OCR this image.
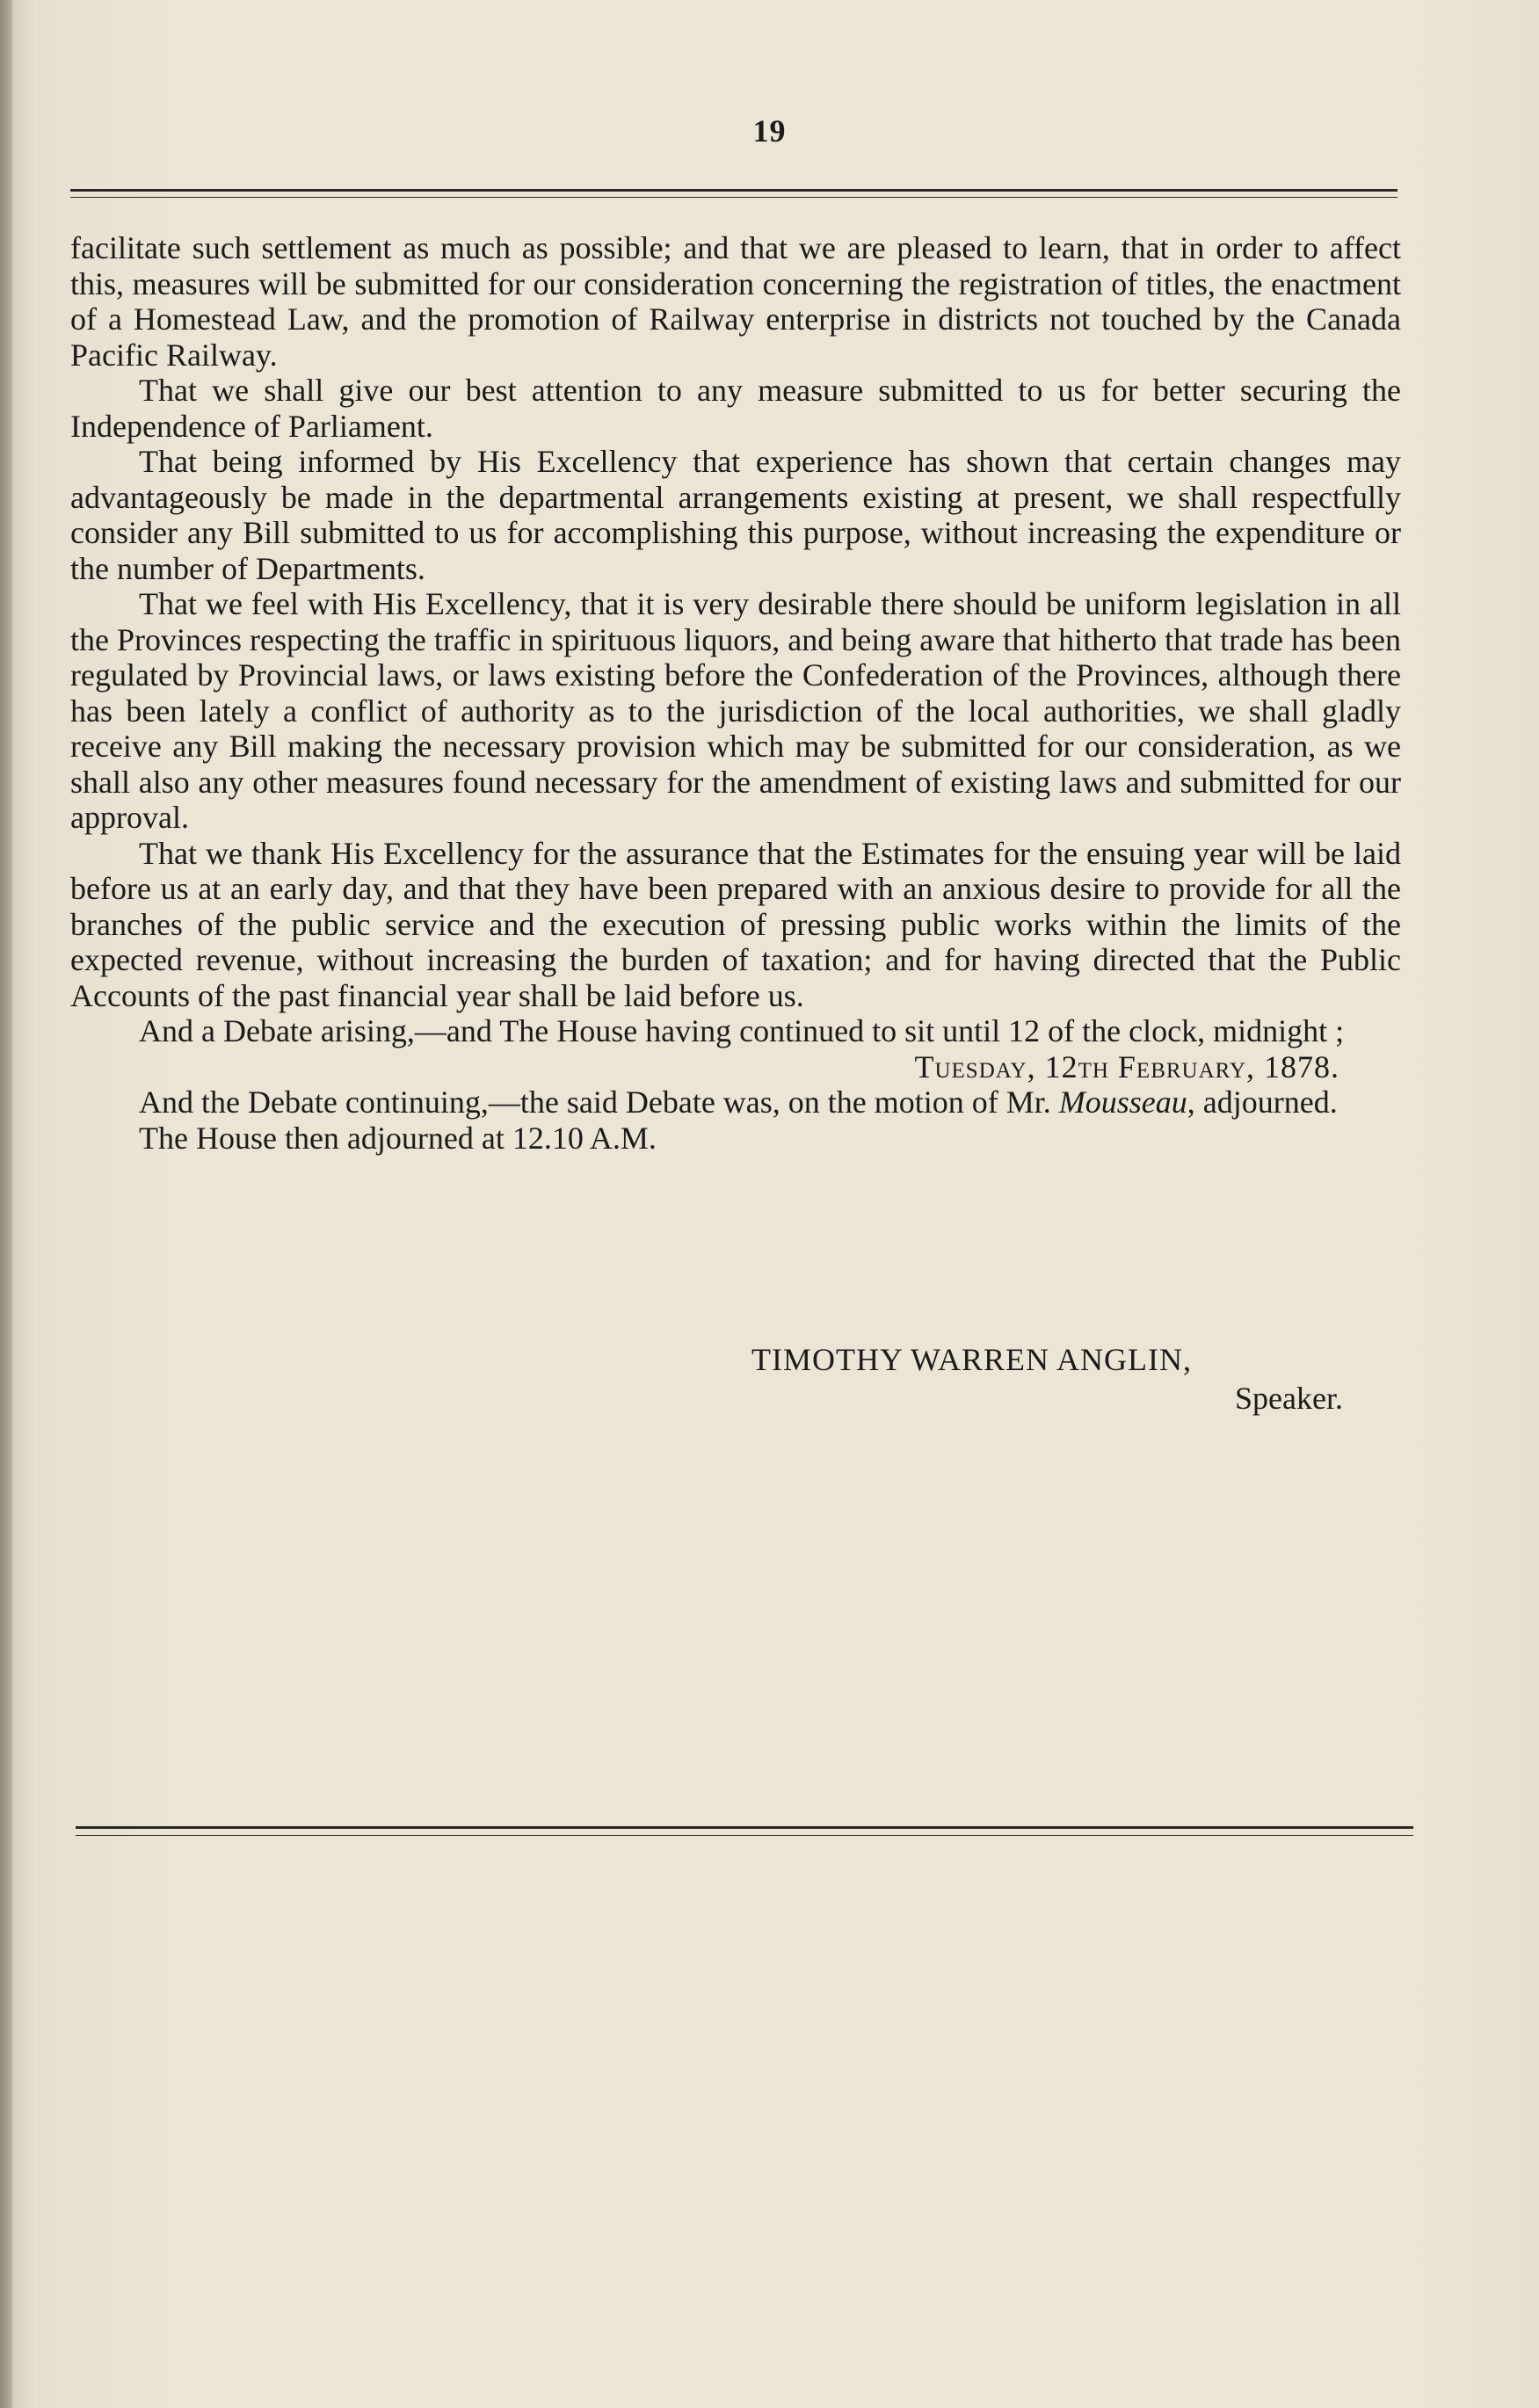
19

facilitate such settlement as much as possible; and that we are pleased to learn, that in order to affect this, measures will be submitted for our consideration concerning the registration of titles, the enactment of a Homestead Law, and the promotion of Railway enterprise in districts not touched by the Canada Pacific Railway.

That we shall give our best attention to any measure submitted to us for better securing the Independence of Parliament.

That being informed by His Excellency that experience has shown that certain changes may advantageously be made in the departmental arrangements existing at present, we shall respectfully consider any Bill submitted to us for accomplishing this purpose, without increasing the expenditure or the number of Departments.

That we feel with His Excellency, that it is very desirable there should be uniform legislation in all the Provinces respecting the traffic in spirituous liquors, and being aware that hitherto that trade has been regulated by Provincial laws, or laws existing before the Confederation of the Provinces, although there has been lately a conflict of authority as to the jurisdiction of the local authorities, we shall gladly receive any Bill making the necessary provision which may be submitted for our consideration, as we shall also any other measures found necessary for the amendment of existing laws and submitted for our approval.

That we thank His Excellency for the assurance that the Estimates for the ensuing year will be laid before us at an early day, and that they have been prepared with an anxious desire to provide for all the branches of the public service and the execution of pressing public works within the limits of the expected revenue, without increasing the burden of taxation; and for having directed that the Public Accounts of the past financial year shall be laid before us.

And a Debate arising,—and The House having continued to sit until 12 of the clock, midnight ;

Tuesday, 12th February, 1878.

And the Debate continuing,—the said Debate was, on the motion of Mr. Mousseau, adjourned.

The House then adjourned at 12.10 A.M.

TIMOTHY WARREN ANGLIN,
Speaker.
